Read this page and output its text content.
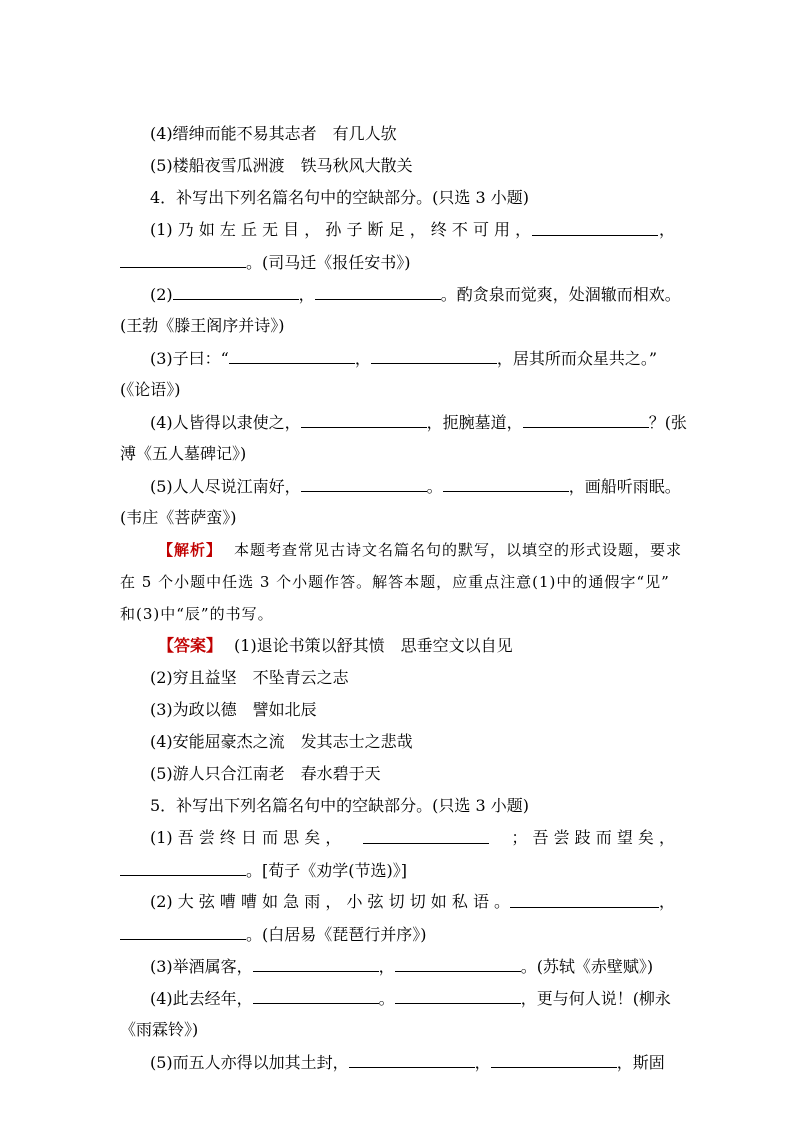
(4)缙绅而能不易其志者　有几人欤
(5)楼船夜雪瓜洲渡　铁马秋风大散关
4．补写出下列名篇名句中的空缺部分。(只选 3 小题)
(1) 乃 如 左 丘 无 目 ， 孙 子 断 足 ， 终 不 可 用 ，	，
。(司马迁《报任安书》)
(2)	，	。酌贪泉而觉爽，处涸辙而相欢。
(王勃《滕王阁序并诗》)
(3)子曰：“	，	，居其所而众星共之。”
(《论语》)
(4)人皆得以隶使之，	，扼腕墓道，	？(张
溥《五人墓碑记》)
(5)人人尽说江南好，	。	，画船听雨眠。
(韦庄《菩萨蛮》)
【解析】 本题考查常见古诗文名篇名句的默写，以填空的形式设题，要求
在 5 个小题中任选 3 个小题作答。解答本题，应重点注意(1)中的通假字“见”
和(3)中“辰”的书写。
【答案】 (1)退论书策以舒其愤　思垂空文以自见
(2)穷且益坚　不坠青云之志
(3)为政以德　譬如北辰
(4)安能屈豪杰之流　发其志士之悲哉
(5)游人只合江南老　春水碧于天
5．补写出下列名篇名句中的空缺部分。(只选 3 小题)
(1) 吾 尝 终 日 而 思 矣 ，	； 吾 尝 跂 而 望 矣 ，
。[荀子《劝学(节选)》]
(2) 大 弦 嘈 嘈 如 急 雨 ， 小 弦 切 切 如 私 语 。	，
。(白居易《琵琶行并序》)
(3)举酒属客，	，	。(苏轼《赤壁赋》)
(4)此去经年，	。	，更与何人说！(柳永
《雨霖铃》)
(5)而五人亦得以加其土封，	，	，斯固
